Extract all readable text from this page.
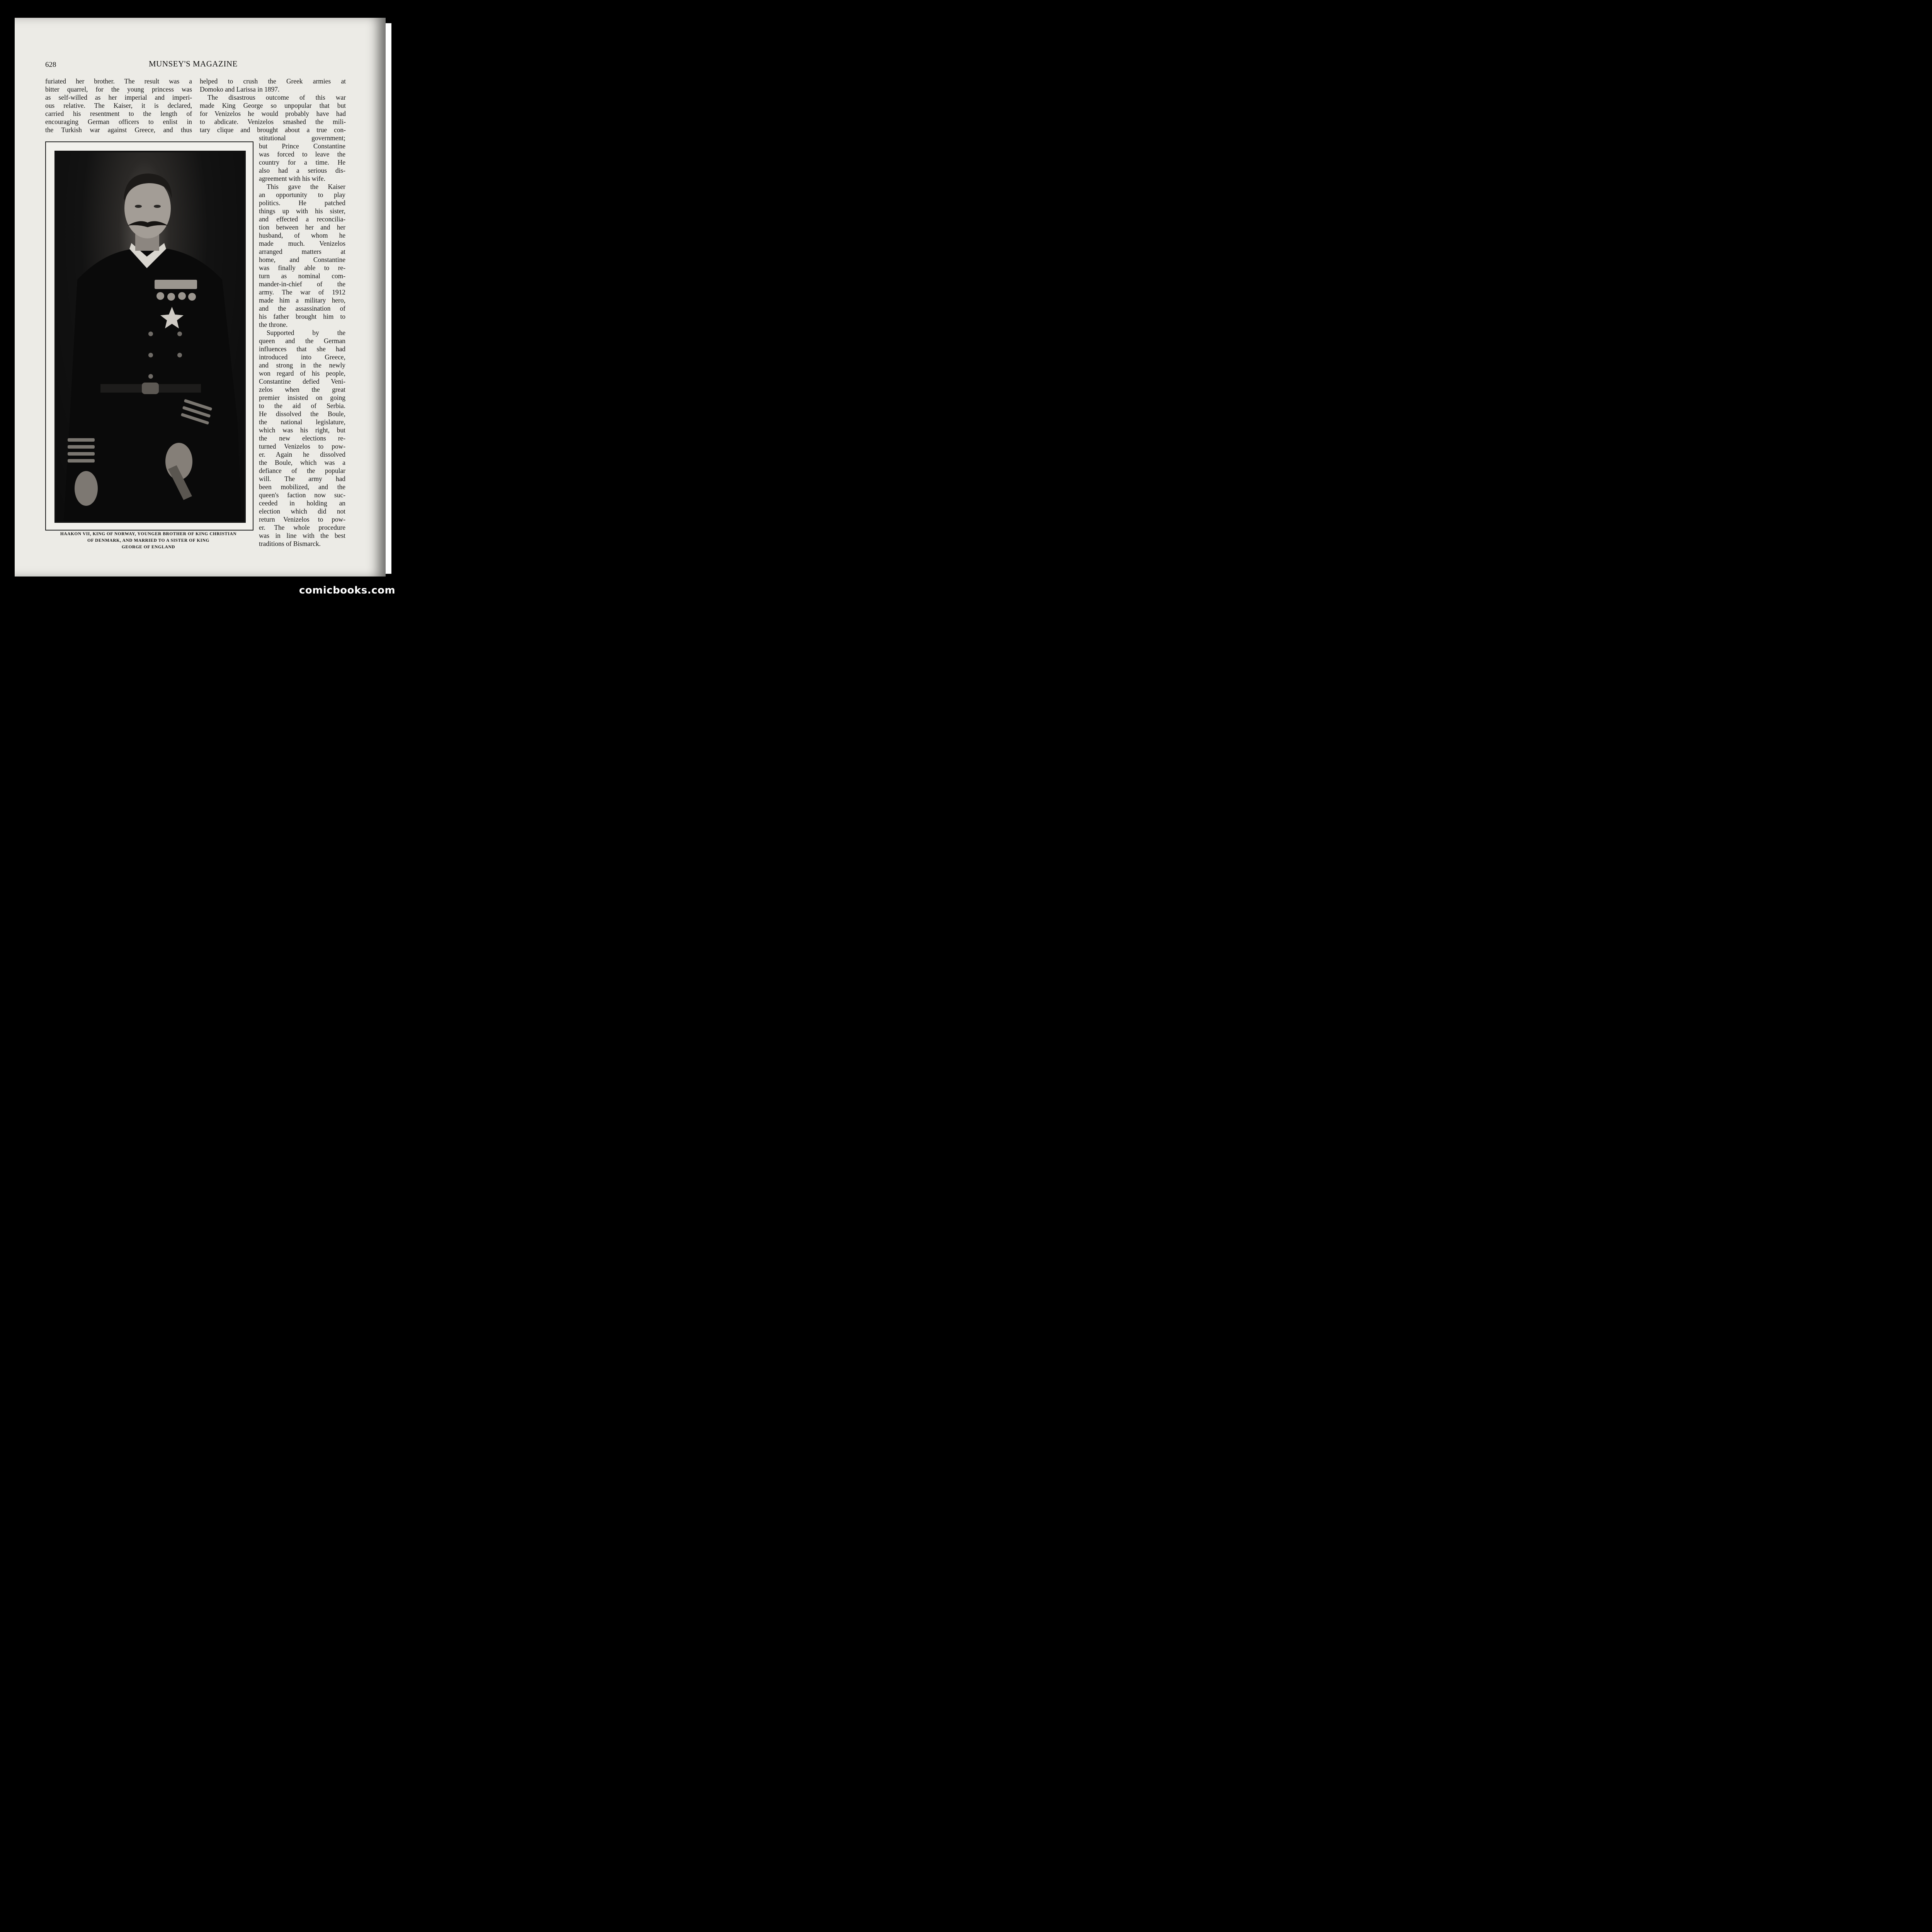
628	MUNSEY'S MAGAZINE

furiated her brother. The result was a

bitter quarrel, for the young princess was

as self-willed as her imperial and imperi-

ous relative. The Kaiser, it is declared,

carried his resentment to the length of

encouraging German officers to enlist in

the Turkish war against Greece, and thus

helped to crush the Greek armies at

Domoko and Larissa in 1897.

The disastrous outcome of this war

made King George so unpopular that but

for Venizelos he would probably have had

to abdicate. Venizelos smashed the mili-

tary clique and brought about a true con-

stitutional government;

but Prince Constantine

was forced to leave the

country for a time. He

also had a serious dis-

agreement with his wife.

This gave the Kaiser

an opportunity to play

politics. He patched

things up with his sister,

and effected a reconcilia-

tion between her and her

husband, of whom he

made much. Venizelos

arranged matters at

home, and Constantine

was finally able to re-

turn as nominal com-

mander-in-chief of the

army. The war of 1912

made him a military hero,

and the assassination of

his father brought him to

the throne.

Supported by the

queen and the German

influences that she had

introduced into Greece,

and strong in the newly

won regard of his people,

Constantine defied Veni-

zelos when the great

premier insisted on going

to the aid of Serbia.

He dissolved the Boule,

the national legislature,

which was his right, but

the new elections re-

turned Venizelos to pow-

er. Again he dissolved

the Boule, which was a

defiance of the popular

will. The army had

been mobilized, and the

queen's faction now suc-

ceeded in holding an

election which did not

return Venizelos to pow-

er. The whole procedure

was in line with the best

traditions of Bismarck.

HAAKON VII, KING OF NORWAY, YOUNGER BROTHER OF KING CHRISTIAN
OF DENMARK, AND MARRIED TO A SISTER OF KING
GEORGE OF ENGLAND
comicbooks.com
